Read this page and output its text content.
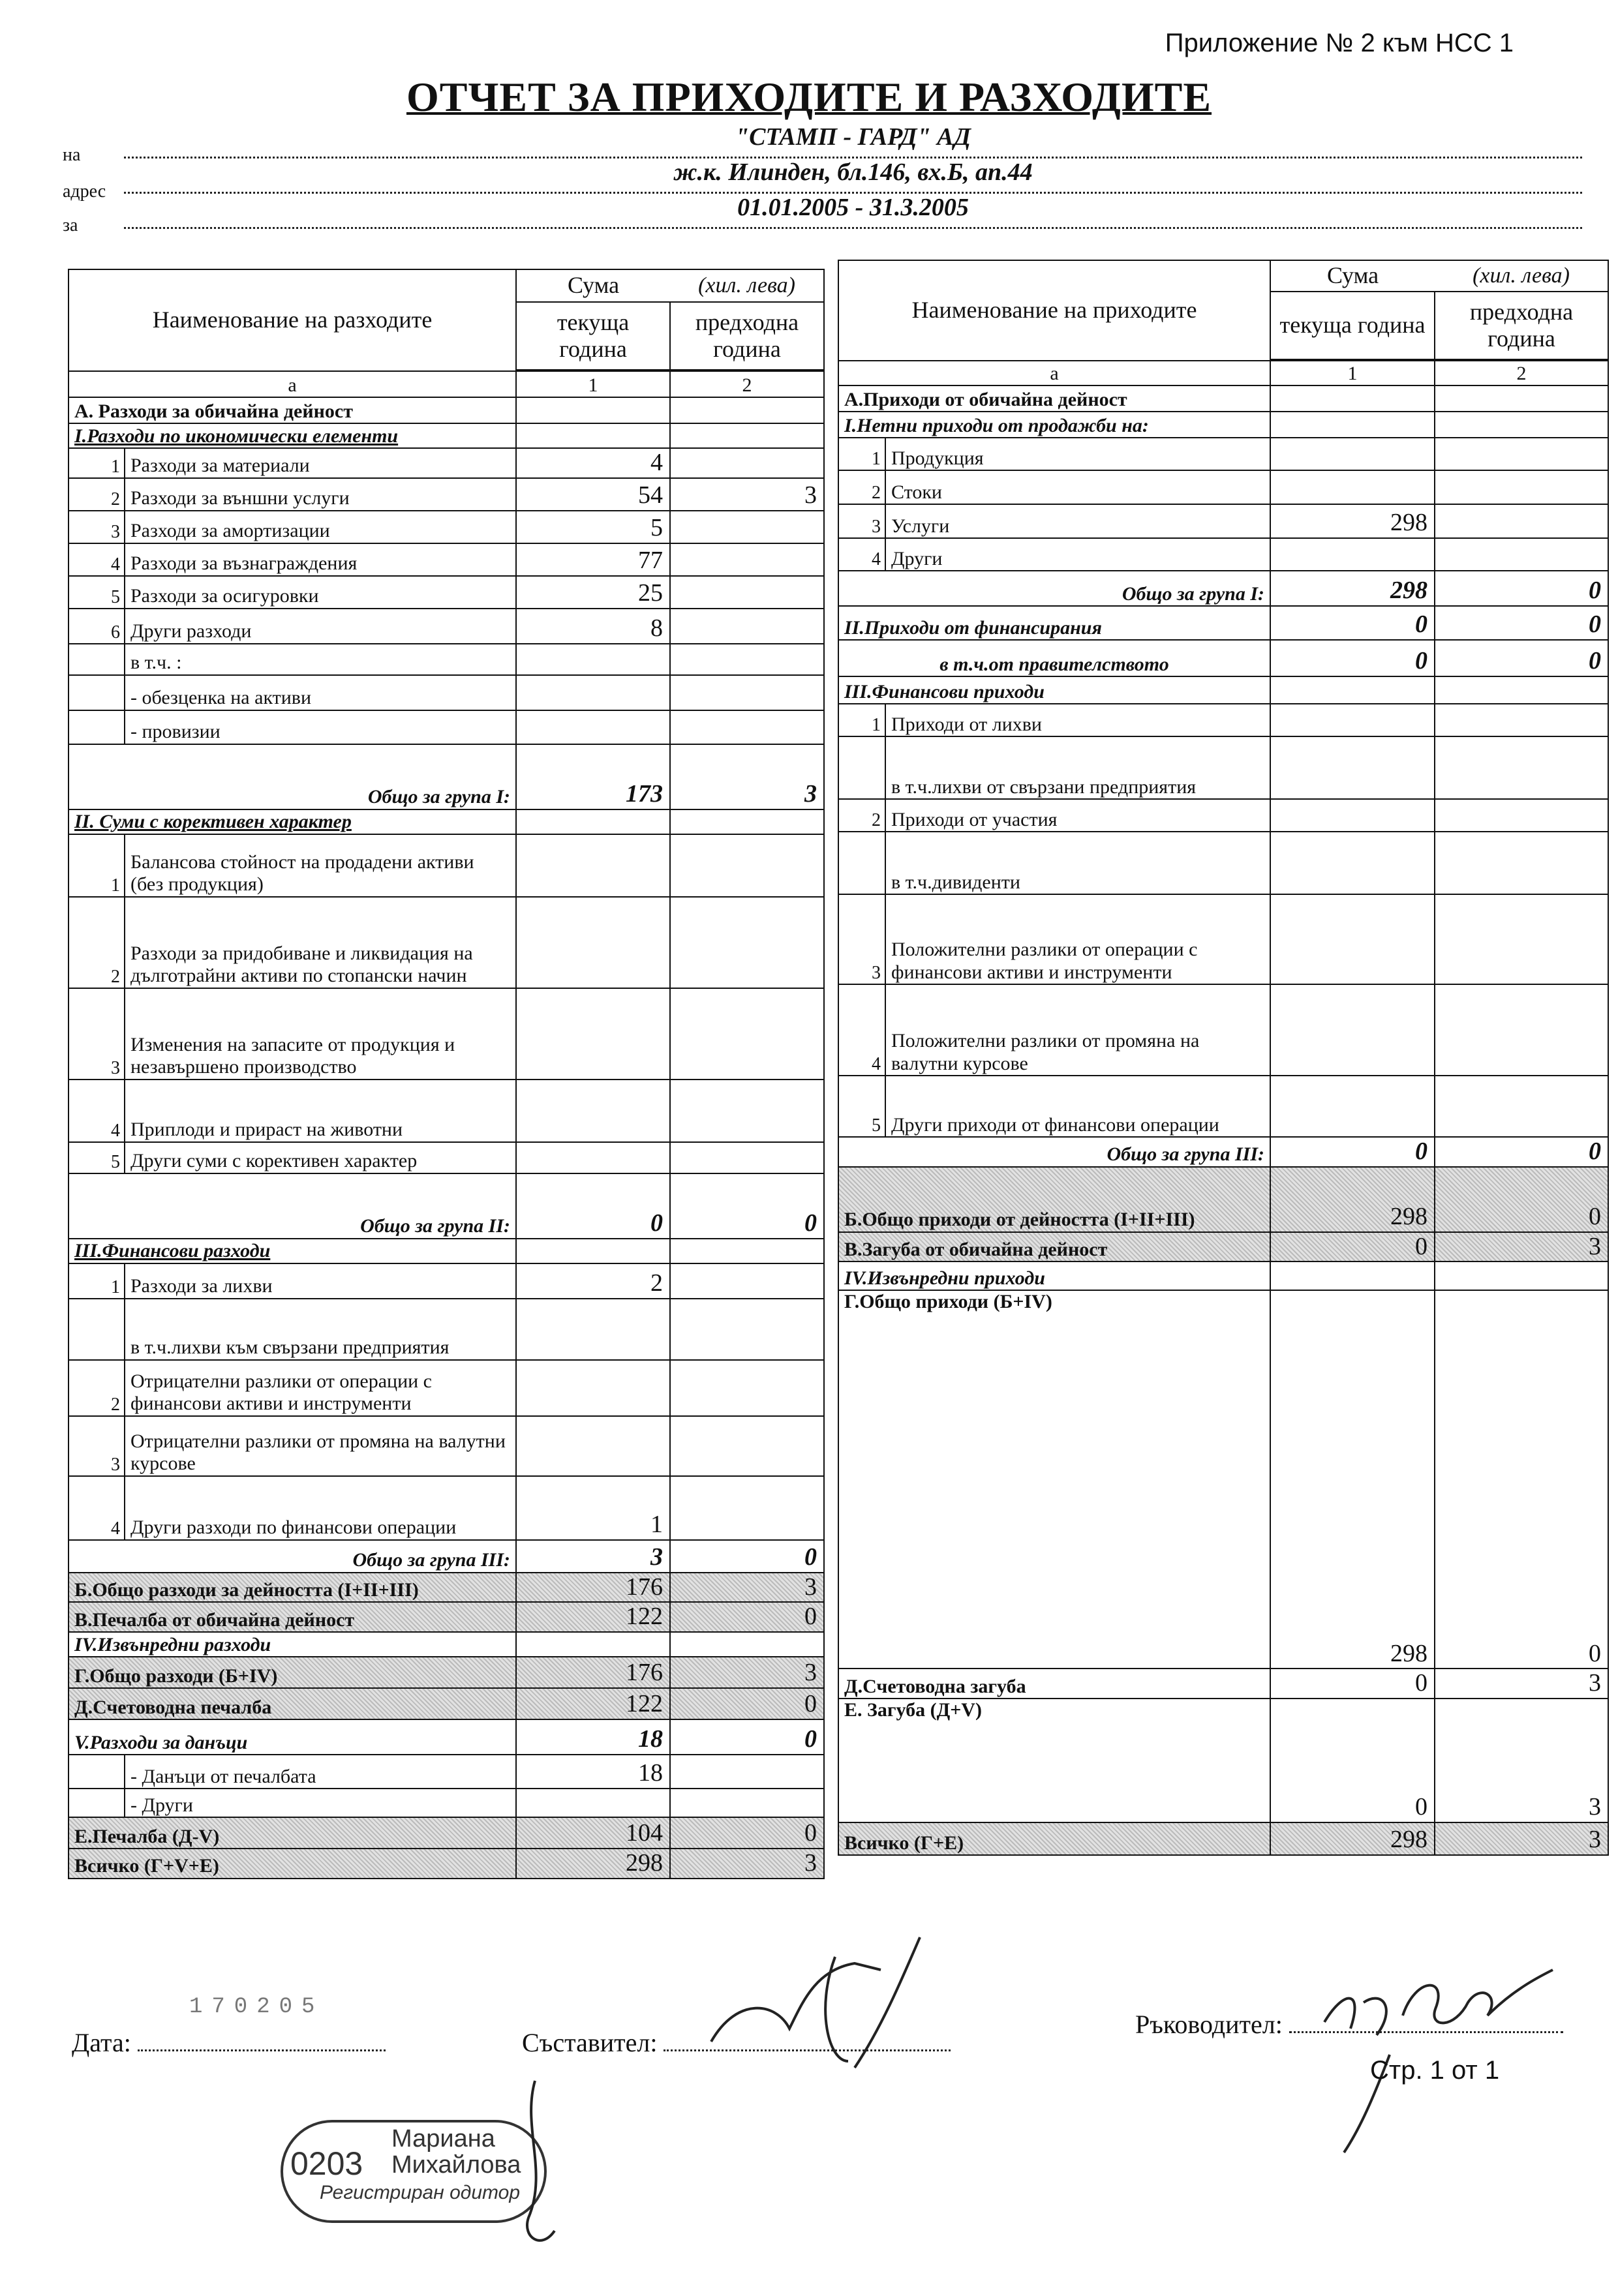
Приложение № 2 към НСС 1
ОТЧЕТ ЗА ПРИХОДИТЕ И РАЗХОДИТЕ
на
"СТАМП - ГАРД" АД
адрес
ж.к. Илинден, бл.146, вх.Б, ап.44
за
01.01.2005 - 31.3.2005
Наименование на разходите		Сума	(хил. лева)
		текуща година	предходна година

а		1	2
А. Разходи за обичайна дейност			
I.Разходи по икономически елементи			
1	Разходи за материали	4	
2	Разходи за външни услуги	54	3
3	Разходи за амортизации	5	
4	Разходи за възнаграждения	77	
5	Разходи за осигуровки	25	
6	Други разходи	8	
	в т.ч. :		
	- обезценка на активи		
	- провизии		
Общо за група I:		173	3
II. Суми с корективен характер			
1	Балансова стойност на продадени активи (без продукция)		
2	Разходи за придобиване и ликвидация на дълготрайни активи по стопански начин		
3	Изменения на запасите от продукция и незавършено производство		
4	Приплоди и прираст на животни		
5	Други суми с корективен характер		
Общо за група II:		0	0
III.Финансови разходи			
1	Разходи за лихви	2	
	в т.ч.лихви към свързани предприятия		
2	Отрицателни разлики от операции с финансови активи и инструменти		
3	Отрицателни разлики от промяна на валутни курсове		
4	Други разходи по финансови операции	1	
Общо за група III:		3	0
Б.Общо разходи за дейността (I+II+III)		176	3
В.Печалба от обичайна дейност		122	0
IV.Извънредни разходи			
Г.Общо разходи (Б+IV)		176	3
Д.Счетоводна печалба		122	0
V.Разходи за данъци		18	0
	- Данъци от печалбата	18	
	- Други		
Е.Печалба (Д-V)		104	0
Всичко (Г+V+Е)		298	3
Наименование на приходите		Сума	(хил. лева)
		текуща година	предходна година

а		1	2
А.Приходи от обичайна дейност			
I.Нетни приходи от продажби на:			
1	Продукция		
2	Стоки		
3	Услуги	298	
4	Други		
Общо за група I:		298	0
II.Приходи от финансирания		0	0
в т.ч.от правителството		0	0
III.Финансови приходи			
1	Приходи от лихви		
	в т.ч.лихви от свързани предприятия		
2	Приходи от участия		
	в т.ч.дивиденти		
3	Положителни разлики от операции с финансови активи и инструменти		
4	Положителни разлики от промяна на валутни курсове		
5	Други приходи от финансови операции		
Общо за група III:		0	0
Б.Общо приходи от дейността (I+II+III)		298	0
В.Загуба от обичайна дейност		0	3
IV.Извънредни приходи			
Г.Общо приходи (Б+IV)		298	0
Д.Счетоводна загуба		0	3
Е. Загуба (Д+V)		0	3
Всичко (Г+Е)		298	3
Дата:
170205
Съставител:
Ръководител:
Стр. 1 от 1
0203
Мариана
Михайлова
Регистриран одитор
